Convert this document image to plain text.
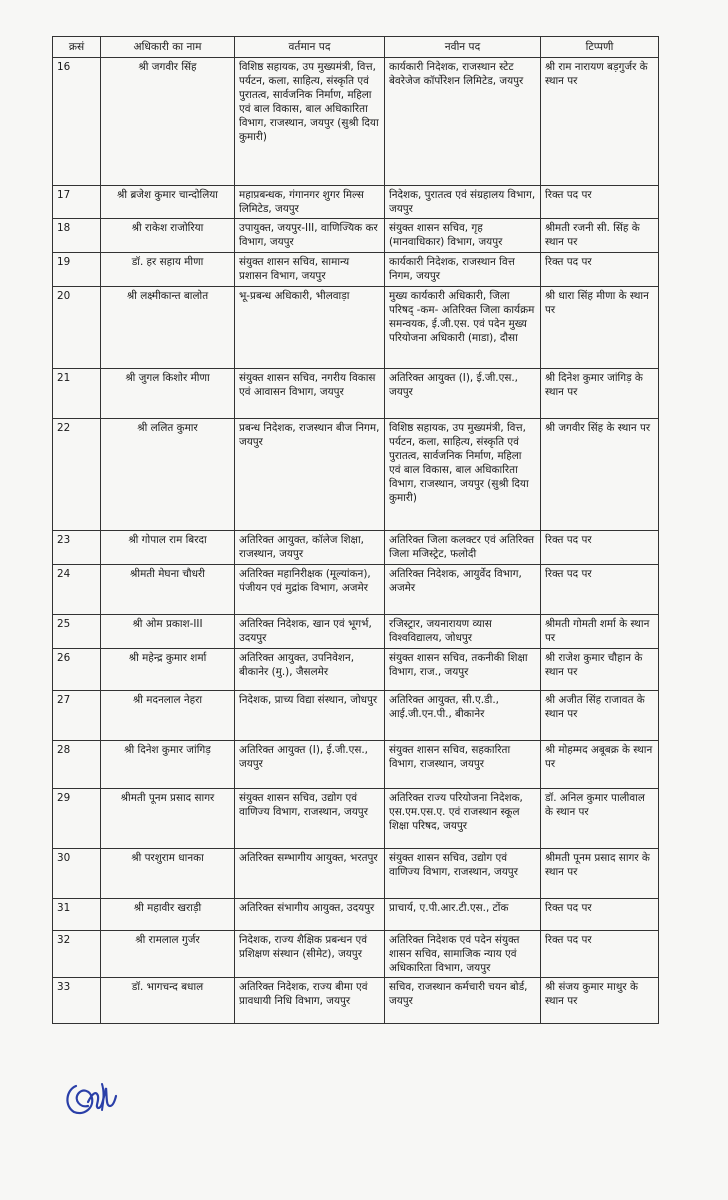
क्रसं	अधिकारी का नाम	वर्तमान पद	नवीन पद	टिप्पणी
16	श्री जगवीर सिंह	विशिष्ठ सहायक, उप मुख्यमंत्री, वित्त, पर्यटन, कला, साहित्य, संस्कृति एवं पुरातत्व, सार्वजनिक निर्माण, महिला एवं बाल विकास, बाल अधिकारिता विभाग, राजस्थान, जयपुर (सुश्री दिया कुमारी)	कार्यकारी निदेशक, राजस्थान स्टेट बेवरेजेज कॉर्पोरेशन लिमिटेड, जयपुर	श्री राम नारायण बड़गुर्जर के स्थान पर
17	श्री ब्रजेश कुमार चान्दोलिया	महाप्रबन्धक, गंगानगर शुगर मिल्स लिमिटेड, जयपुर	निदेशक, पुरातत्व एवं संग्रहालय विभाग, जयपुर	रिक्त पद पर
18	श्री राकेश राजोरिया	उपायुक्त, जयपुर-III, वाणिज्यिक कर विभाग, जयपुर	संयुक्त शासन सचिव, गृह (मानवाधिकार) विभाग, जयपुर	श्रीमती रजनी सी. सिंह के स्थान पर
19	डॉ. हर सहाय मीणा	संयुक्त शासन सचिव, सामान्य प्रशासन विभाग, जयपुर	कार्यकारी निदेशक, राजस्थान वित्त निगम, जयपुर	रिक्त पद पर
20	श्री लक्ष्मीकान्त बालोत	भू-प्रबन्ध अधिकारी, भीलवाड़ा	मुख्य कार्यकारी अधिकारी, जिला परिषद् -कम- अतिरिक्त जिला कार्यक्रम समन्वयक, ई.जी.एस. एवं पदेन मुख्य परियोजना अधिकारी (माडा), दौसा	श्री धारा सिंह मीणा के स्थान पर
21	श्री जुगल किशोर मीणा	संयुक्त शासन सचिव, नगरीय विकास एवं आवासन विभाग, जयपुर	अतिरिक्त आयुक्त (I), ई.जी.एस., जयपुर	श्री दिनेश कुमार जांगिड़ के स्थान पर
22	श्री ललित कुमार	प्रबन्ध निदेशक, राजस्थान बीज निगम, जयपुर	विशिष्ठ सहायक, उप मुख्यमंत्री, वित्त, पर्यटन, कला, साहित्य, संस्कृति एवं पुरातत्व, सार्वजनिक निर्माण, महिला एवं बाल विकास, बाल अधिकारिता विभाग, राजस्थान, जयपुर (सुश्री दिया कुमारी)	श्री जगवीर सिंह के स्थान पर
23	श्री गोपाल राम बिरदा	अतिरिक्त आयुक्त, कॉलेज शिक्षा, राजस्थान, जयपुर	अतिरिक्त जिला कलक्टर एवं अतिरिक्त जिला मजिस्ट्रेट, फलोदी	रिक्त पद पर
24	श्रीमती मेघना चौधरी	अतिरिक्त महानिरीक्षक (मूल्यांकन), पंजीयन एवं मुद्रांक विभाग, अजमेर	अतिरिक्त निदेशक, आयुर्वेद विभाग, अजमेर	रिक्त पद पर
25	श्री ओम प्रकाश-III	अतिरिक्त निदेशक, खान एवं भूगर्भ, उदयपुर	रजिस्ट्रार, जयनारायण व्यास विश्वविद्यालय, जोधपुर	श्रीमती गोमती शर्मा के स्थान पर
26	श्री महेन्द्र कुमार शर्मा	अतिरिक्त आयुक्त, उपनिवेशन, बीकानेर (मु.), जैसलमेर	संयुक्त शासन सचिव, तकनीकी शिक्षा विभाग, राज., जयपुर	श्री राजेश कुमार चौहान के स्थान पर
27	श्री मदनलाल नेहरा	निदेशक, प्राच्य विद्या संस्थान, जोधपुर	अतिरिक्त आयुक्त, सी.ए.डी., आई.जी.एन.पी., बीकानेर	श्री अजीत सिंह राजावत के स्थान पर
28	श्री दिनेश कुमार जांगिड़	अतिरिक्त आयुक्त (I), ई.जी.एस., जयपुर	संयुक्त शासन सचिव, सहकारिता विभाग, राजस्थान, जयपुर	श्री मोहम्मद अबूबक्र के स्थान पर
29	श्रीमती पूनम प्रसाद सागर	संयुक्त शासन सचिव, उद्योग एवं वाणिज्य विभाग, राजस्थान, जयपुर	अतिरिक्त राज्य परियोजना निदेशक, एस.एम.एस.ए. एवं राजस्थान स्कूल शिक्षा परिषद, जयपुर	डॉ. अनिल कुमार पालीवाल के स्थान पर
30	श्री परशुराम धानका	अतिरिक्त सम्भागीय आयुक्त, भरतपुर	संयुक्त शासन सचिव, उद्योग एवं वाणिज्य विभाग, राजस्थान, जयपुर	श्रीमती पूनम प्रसाद सागर के स्थान पर
31	श्री महावीर खराड़ी	अतिरिक्त संभागीय आयुक्त, उदयपुर	प्राचार्य, ए.पी.आर.टी.एस., टोंक	रिक्त पद पर
32	श्री रामलाल गुर्जर	निदेशक, राज्य शैक्षिक प्रबन्धन एवं प्रशिक्षण संस्थान (सीमेट), जयपुर	अतिरिक्त निदेशक एवं पदेन संयुक्त शासन सचिव, सामाजिक न्याय एवं अधिकारिता विभाग, जयपुर	रिक्त पद पर
33	डॉ. भागचन्द बधाल	अतिरिक्त निदेशक, राज्य बीमा एवं प्रावधायी निधि विभाग, जयपुर	सचिव, राजस्थान कर्मचारी चयन बोर्ड, जयपुर	श्री संजय कुमार माथुर के स्थान पर
